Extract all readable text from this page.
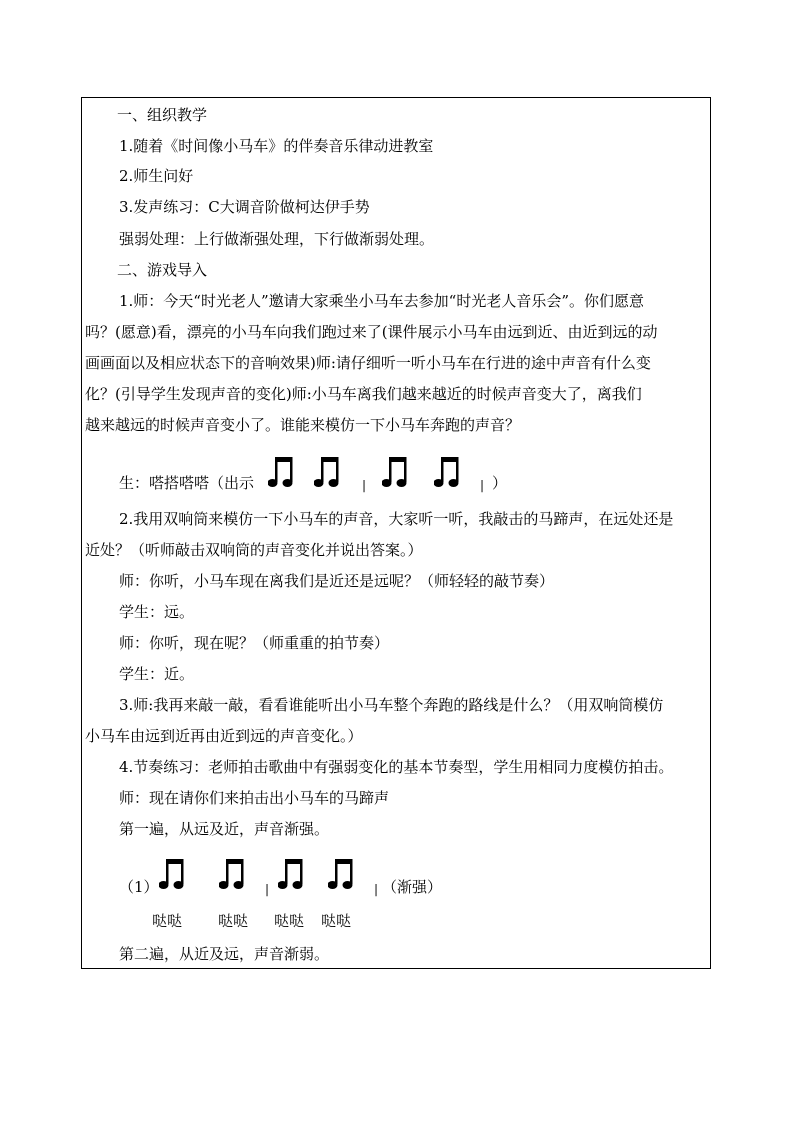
一、组织教学
1.随着《时间像小马车》的伴奏音乐律动进教室
2.师生问好
3.发声练习：C大调音阶做柯达伊手势
强弱处理：上行做渐强处理，下行做渐弱处理。
二、游戏导入
1.师：今天“时光老人”邀请大家乘坐小马车去参加“时光老人音乐会”。你们愿意
吗？(愿意)看，漂亮的小马车向我们跑过来了(课件展示小马车由远到近、由近到远的动
画画面以及相应状态下的音响效果)师:请仔细听一听小马车在行进的途中声音有什么变
化？(引导学生发现声音的变化)师:小马车离我们越来越近的时候声音变大了，离我们
越来越远的时候声音变小了。谁能来模仿一下小马车奔跑的声音？
生：嗒搭嗒嗒（出示	|	| ）
2.我用双响筒来模仿一下小马车的声音，大家听一听，我敲击的马蹄声，在远处还是
近处？（听师敲击双响筒的声音变化并说出答案。）
师：你听，小马车现在离我们是近还是远呢？（师轻轻的敲节奏）
学生：远。
师：你听，现在呢？（师重重的拍节奏）
学生：近。
3.师:我再来敲一敲，看看谁能听出小马车整个奔跑的路线是什么？（用双响筒模仿
小马车由远到近再由近到远的声音变化。）
4.节奏练习：老师拍击歌曲中有强弱变化的基本节奏型，学生用相同力度模仿拍击。
师：现在请你们来拍击出小马车的马蹄声
第一遍，从远及近，声音渐强。
（1）	|	| （渐强）
哒哒 哒哒 哒哒 哒哒
第二遍，从近及远，声音渐弱。
